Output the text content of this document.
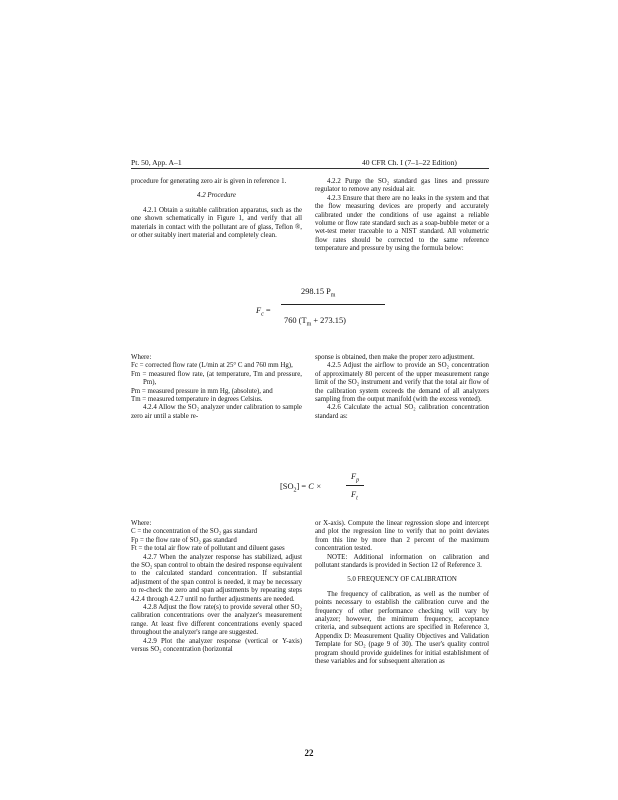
Pt. 50, App. A–1	40 CFR Ch. I (7–1–22 Edition)

procedure for generating zero air is given in reference 1.

4.2 Procedure

4.2.1 Obtain a suitable calibration apparatus, such as the one shown schematically in Figure 1, and verify that all materials in contact with the pollutant are of glass, Teflon ®, or other suitably inert material and completely clean.

4.2.2 Purge the SO₂ standard gas lines and pressure regulator to remove any residual air.

4.2.3 Ensure that there are no leaks in the system and that the flow measuring devices are properly and accurately calibrated under the conditions of use against a reliable volume or flow rate standard such as a soap-bubble meter or a wet-test meter traceable to a NIST standard. All volumetric flow rates should be corrected to the same reference temperature and pressure by using the formula below:

$F_c$ =
298.15 $P_m$
760 $(T_m + 273.15)$

Where:

Fc = corrected flow rate (L/min at 25° C and 760 mm Hg),

Fm = measured flow rate, (at temperature, Tm and pressure, Pm),

Pm = measured pressure in mm Hg, (absolute), and

Tm = measured temperature in degrees Celsius.

4.2.4 Allow the SO₂ analyzer under calibration to sample zero air until a stable re-

sponse is obtained, then make the proper zero adjustment.

4.2.5 Adjust the airflow to provide an SO₂ concentration of approximately 80 percent of the upper measurement range limit of the SO₂ instrument and verify that the total air flow of the calibration system exceeds the demand of all analyzers sampling from the output manifold (with the excess vented).

4.2.6 Calculate the actual SO₂ calibration concentration standard as:

$[SO_2] = C$ ×
$F_p$
$F_t$

Where:

C = the concentration of the SO₂ gas standard

Fp = the flow rate of SO₂ gas standard

Ft = the total air flow rate of pollutant and diluent gases

4.2.7 When the analyzer response has stabilized, adjust the SO₂ span control to obtain the desired response equivalent to the calculated standard concentration. If substantial adjustment of the span control is needed, it may be necessary to re-check the zero and span adjustments by repeating steps 4.2.4 through 4.2.7 until no further adjustments are needed.

4.2.8 Adjust the flow rate(s) to provide several other SO₂ calibration concentrations over the analyzer's measurement range. At least five different concentrations evenly spaced throughout the analyzer's range are suggested.

4.2.9 Plot the analyzer response (vertical or Y-axis) versus SO₂ concentration (horizontal

or X-axis). Compute the linear regression slope and intercept and plot the regression line to verify that no point deviates from this line by more than 2 percent of the maximum concentration tested.

NOTE: Additional information on calibration and pollutant standards is provided in Section 12 of Reference 3.

5.0 FREQUENCY OF CALIBRATION

The frequency of calibration, as well as the number of points necessary to establish the calibration curve and the frequency of other performance checking will vary by analyzer; however, the minimum frequency, acceptance criteria, and subsequent actions are specified in Reference 3, Appendix D: Measurement Quality Objectives and Validation Template for SO₂ (page 9 of 30). The user's quality control program should provide guidelines for initial establishment of these variables and for subsequent alteration as

22
